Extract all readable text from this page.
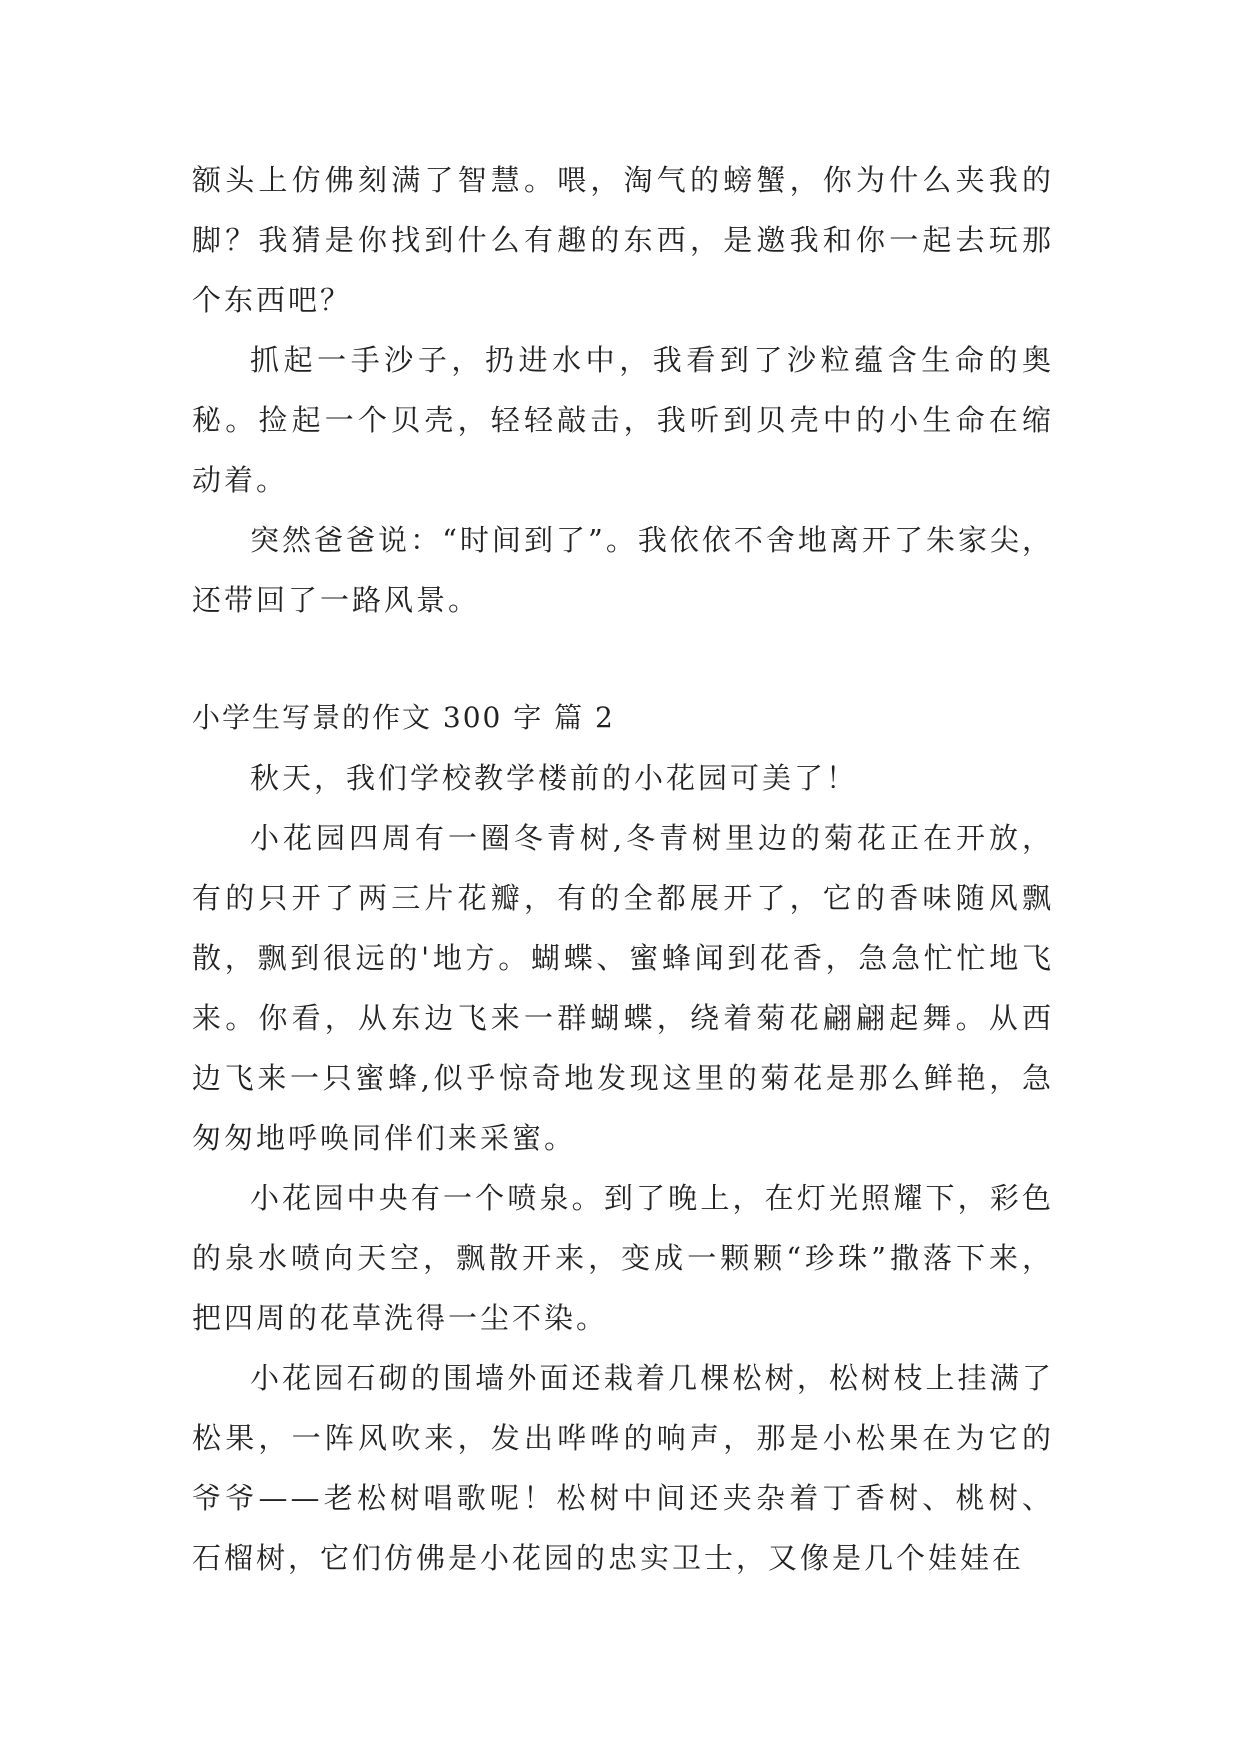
额头上仿佛刻满了智慧。喂，淘气的螃蟹，你为什么夹我的脚？我猜是你找到什么有趣的东西，是邀我和你一起去玩那个东西吧？

抓起一手沙子，扔进水中，我看到了沙粒蕴含生命的奥秘。捡起一个贝壳，轻轻敲击，我听到贝壳中的小生命在缩动着。

突然爸爸说：“时间到了”。我依依不舍地离开了朱家尖，还带回了一路风景。

小学生写景的作文 300 字 篇 2

秋天，我们学校教学楼前的小花园可美了！

小花园四周有一圈冬青树,冬青树里边的菊花正在开放，有的只开了两三片花瓣，有的全都展开了，它的香味随风飘散，飘到很远的'地方。蝴蝶、蜜蜂闻到花香，急急忙忙地飞来。你看，从东边飞来一群蝴蝶，绕着菊花翩翩起舞。从西边飞来一只蜜蜂,似乎惊奇地发现这里的菊花是那么鲜艳，急匆匆地呼唤同伴们来采蜜。

小花园中央有一个喷泉。到了晚上，在灯光照耀下，彩色的泉水喷向天空，飘散开来，变成一颗颗“珍珠”撒落下来，把四周的花草洗得一尘不染。

小花园石砌的围墙外面还栽着几棵松树，松树枝上挂满了松果，一阵风吹来，发出哗哗的响声，那是小松果在为它的爷爷——老松树唱歌呢！松树中间还夹杂着丁香树、桃树、石榴树，它们仿佛是小花园的忠实卫士，又像是几个娃娃在
